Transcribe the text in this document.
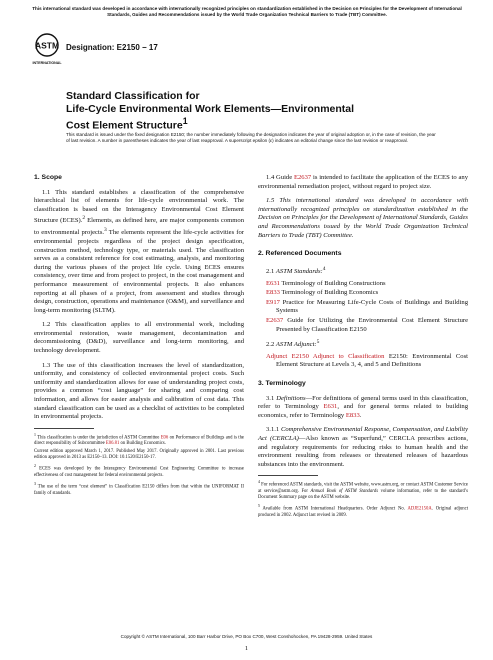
This international standard was developed in accordance with internationally recognized principles on standardization established in the Decision on Principles for the Development of International Standards, Guides and Recommendations issued by the World Trade Organization Technical Barriers to Trade (TBT) Committee.
ASTM
INTERNATIONAL
Designation: E2150 − 17
Standard Classification for
Life-Cycle Environmental Work Elements—Environmental
Cost Element Structure$^1$
This standard is issued under the fixed designation E2150; the number immediately following the designation indicates the year of original adoption or, in the case of revision, the year of last revision. A number in parentheses indicates the year of last reapproval. A superscript epsilon (ε) indicates an editorial change since the last revision or reapproval.
1. Scope

1.1 This standard establishes a classification of the comprehensive hierarchical list of elements for life-cycle environmental work. The classification is based on the Interagency Environmental Cost Element Structure (ECES).$^2$ Elements, as defined here, are major components common to environmental projects.$^3$ The elements represent the life-cycle activities for environmental projects regardless of the project design specification, construction method, technology type, or materials used. The classification serves as a consistent reference for cost estimating, analysis, and monitoring during the various phases of the project life cycle. Using ECES ensures consistency, over time and from project to project, in the cost management and performance measurement of environmental projects. It also enhances reporting at all phases of a project, from assessment and studies through design, construction, operations and maintenance (O&M), and surveillance and long-term monitoring (SLTM).

1.2 This classification applies to all environmental work, including environmental restoration, waste management, decontamination and decommissioning (D&D), surveillance and long-term monitoring, and technology development.

1.3 The use of this classification increases the level of standardization, uniformity, and consistency of collected environmental project costs. Such uniformity and standardization allows for ease of understanding project costs, provides a common “cost language” for sharing and comparing cost information, and allows for easier analysis and calibration of cost data. This standard classification can be used as a checklist of activities to be completed in environmental projects.

$^1$ This classification is under the jurisdiction of ASTM Committee E06 on Performance of Buildings and is the direct responsibility of Subcommittee E06.81 on Building Economics.

Current edition approved March 1, 2017. Published May 2017. Originally approved in 2001. Last previous edition approved in 2013 as E2150–13. DOI: 10.1520/E2150-17.

$^2$ ECES was developed by the Interagency Environmental Cost Engineering Committee to increase effectiveness of cost management for federal environmental projects.

$^3$ The use of the term “cost element” in Classification E2150 differs from that within the UNIFORMAT II family of standards.

1.4 Guide E2637 is intended to facilitate the application of the ECES to any environmental remediation project, without regard to project size.

1.5 This international standard was developed in accordance with internationally recognized principles on standardization established in the Decision on Principles for the Development of International Standards, Guides and Recommendations issued by the World Trade Organization Technical Barriers to Trade (TBT) Committee.

2. Referenced Documents

2.1 ASTM Standards:$^4$

E631 Terminology of Building Constructions

E833 Terminology of Building Economics

E917 Practice for Measuring Life-Cycle Costs of Buildings and Building Systems

E2637 Guide for Utilizing the Environmental Cost Element Structure Presented by Classification E2150

2.2 ASTM Adjunct:$^5$

Adjunct E2150 Adjunct to Classification E2150: Environmental Cost Element Structure at Levels 3, 4, and 5 and Definitions

3. Terminology

3.1 Definitions—For definitions of general terms used in this classification, refer to Terminology E631, and for general terms related to building economics, refer to Terminology E833.

3.1.1 Comprehensive Environmental Response, Compensation, and Liability Act (CERCLA)—Also known as “Superfund,” CERCLA prescribes actions, and regulatory requirements for reducing risks to human health and the environment resulting from releases or threatened releases of hazardous substances into the environment.

$^4$ For referenced ASTM standards, visit the ASTM website, www.astm.org, or contact ASTM Customer Service at service@astm.org. For Annual Book of ASTM Standards volume information, refer to the standard’s Document Summary page on the ASTM website.

$^5$ Available from ASTM International Headquarters. Order Adjunct No. ADJE2150A. Original adjunct produced in 2002. Adjunct last revised in 2009.

Copyright © ASTM International, 100 Barr Harbor Drive, PO Box C700, West Conshohocken, PA 19428-2959. United States
1
